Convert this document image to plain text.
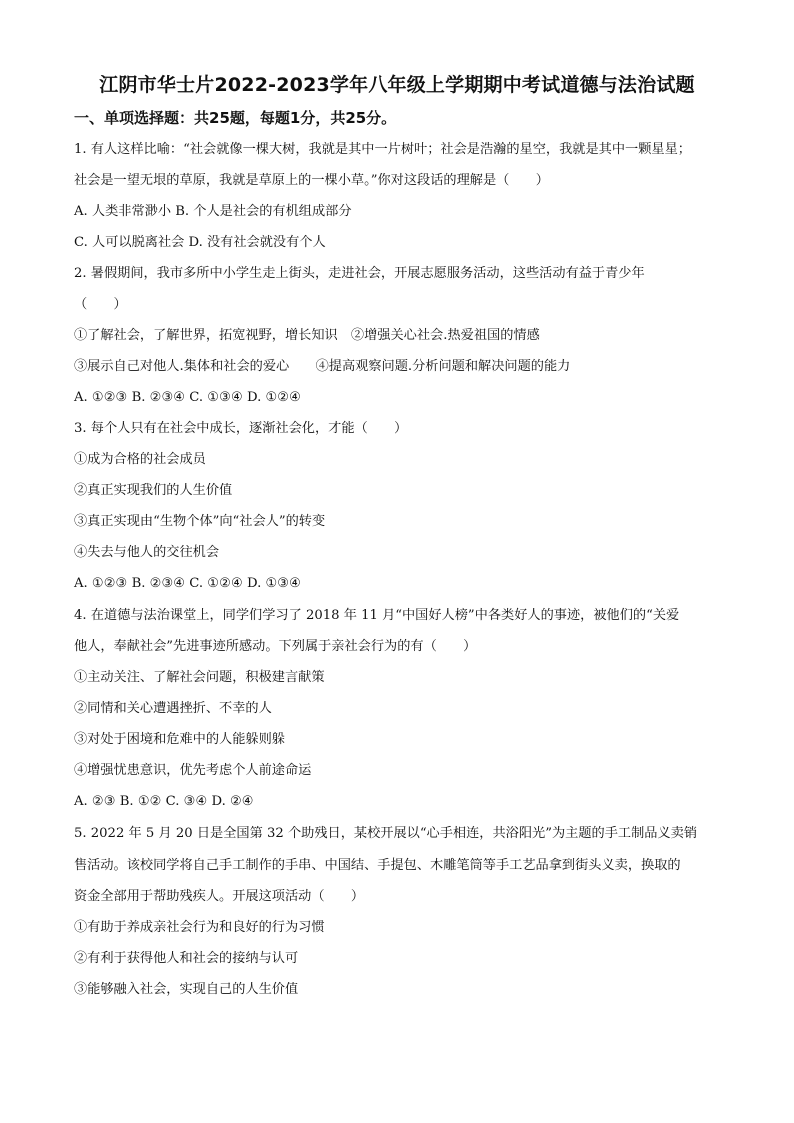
江阴市华士片2022-2023学年八年级上学期期中考试道德与法治试题
一、单项选择题：共25题，每题1分，共25分。
1. 有人这样比喻：“社会就像一棵大树，我就是其中一片树叶；社会是浩瀚的星空，我就是其中一颗星星；
社会是一望无垠的草原，我就是草原上的一棵小草。”你对这段话的理解是（　　）
A. 人类非常渺小 B. 个人是社会的有机组成部分
C. 人可以脱离社会 D. 没有社会就没有个人
2. 暑假期间，我市多所中小学生走上街头，走进社会，开展志愿服务活动，这些活动有益于青少年
（　　）
①了解社会，了解世界，拓宽视野，增长知识　②增强关心社会.热爱祖国的情感
③展示自己对他人.集体和社会的爱心　　④提高观察问题.分析问题和解决问题的能力
A. ①②③ B. ②③④ C. ①③④ D. ①②④
3. 每个人只有在社会中成长，逐渐社会化，才能（　　）
①成为合格的社会成员
②真正实现我们的人生价值
③真正实现由“生物个体”向“社会人”的转变
④失去与他人的交往机会
A. ①②③ B. ②③④ C. ①②④ D. ①③④
4. 在道德与法治课堂上，同学们学习了 2018 年 11 月“中国好人榜”中各类好人的事迹，被他们的“关爱
他人，奉献社会”先进事迹所感动。下列属于亲社会行为的有（　　）
①主动关注、了解社会问题，积极建言献策
②同情和关心遭遇挫折、不幸的人
③对处于困境和危难中的人能躲则躲
④增强忧患意识，优先考虑个人前途命运
A. ②③ B. ①② C. ③④ D. ②④
5. 2022 年 5 月 20 日是全国第 32 个助残日，某校开展以“心手相连，共浴阳光”为主题的手工制品义卖销
售活动。该校同学将自己手工制作的手串、中国结、手提包、木雕笔筒等手工艺品拿到街头义卖，换取的
资金全部用于帮助残疾人。开展这项活动（　　）
①有助于养成亲社会行为和良好的行为习惯
②有利于获得他人和社会的接纳与认可
③能够融入社会，实现自己的人生价值
